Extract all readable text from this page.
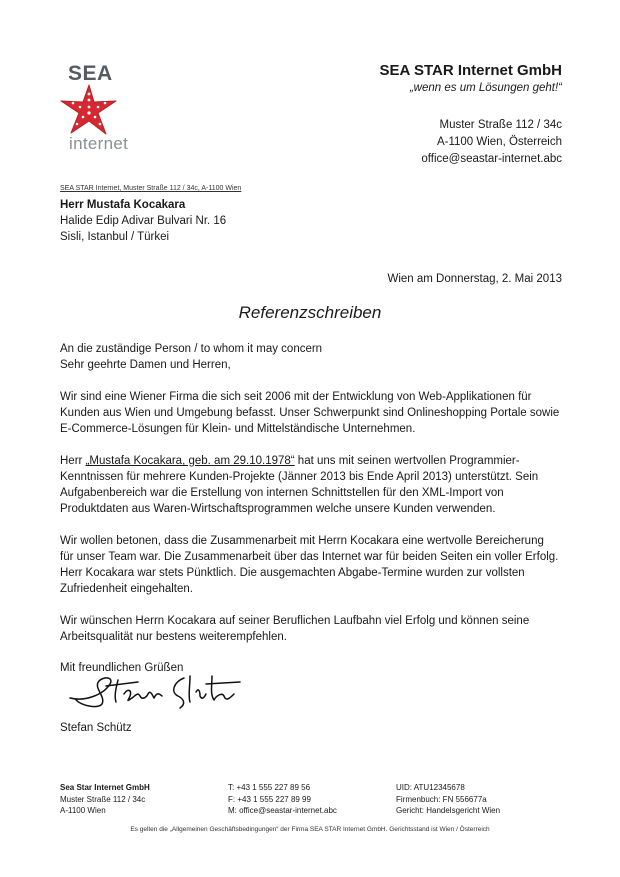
SEA
internet
SEA STAR Internet GmbH
„wenn es um Lösungen geht!“
Muster Straße 112 / 34c
A-1100 Wien, Österreich
office@seastar-internet.abc
SEA STAR Internet, Muster Straße 112 / 34c, A-1100 Wien
Herr Mustafa Kocakara
Halide Edip Adivar Bulvari Nr. 16
Sisli, Istanbul / Türkei
Wien am Donnerstag, 2. Mai 2013
Referenzschreiben

An die zuständige Person / to whom it may concern

Sehr geehrte Damen und Herren,

Wir sind eine Wiener Firma die sich seit 2006 mit der Entwicklung von Web-Applikationen für Kunden aus Wien und Umgebung befasst. Unser Schwerpunkt sind Onlineshopping Portale sowie E-Commerce-Lösungen für Klein- und Mittelständische Unternehmen.

Herr „Mustafa Kocakara, geb. am 29.10.1978“ hat uns mit seinen wertvollen Programmier-Kenntnissen für mehrere Kunden-Projekte (Jänner 2013 bis Ende April 2013) unterstützt. Sein Aufgabenbereich war die Erstellung von internen Schnittstellen für den XML-Import von Produktdaten aus Waren-Wirtschaftsprogrammen welche unsere Kunden verwenden.

Wir wollen betonen, dass die Zusammenarbeit mit Herrn Kocakara eine wertvolle Bereicherung für unser Team war. Die Zusammenarbeit über das Internet war für beiden Seiten ein voller Erfolg. Herr Kocakara war stets Pünktlich. Die ausgemachten Abgabe-Termine wurden zur vollsten Zufriedenheit eingehalten.

Wir wünschen Herrn Kocakara auf seiner Beruflichen Laufbahn viel Erfolg und können seine Arbeitsqualität nur bestens weiterempfehlen.

Mit freundlichen Grüßen
Stefan Schütz
Sea Star Internet GmbH
Muster Straße 112 / 34c
A-1100 Wien
T: +43 1 555 227 89 56
F: +43 1 555 227 89 99
M: office@seastar-internet.abc
UID: ATU12345678
Firmenbuch: FN 556677a
Gericht: Handelsgericht Wien
Es gelten die „Allgemeinen Geschäftsbedingungen“ der Firma SEA STAR Internet GmbH. Gerichtsstand ist Wien / Österreich
